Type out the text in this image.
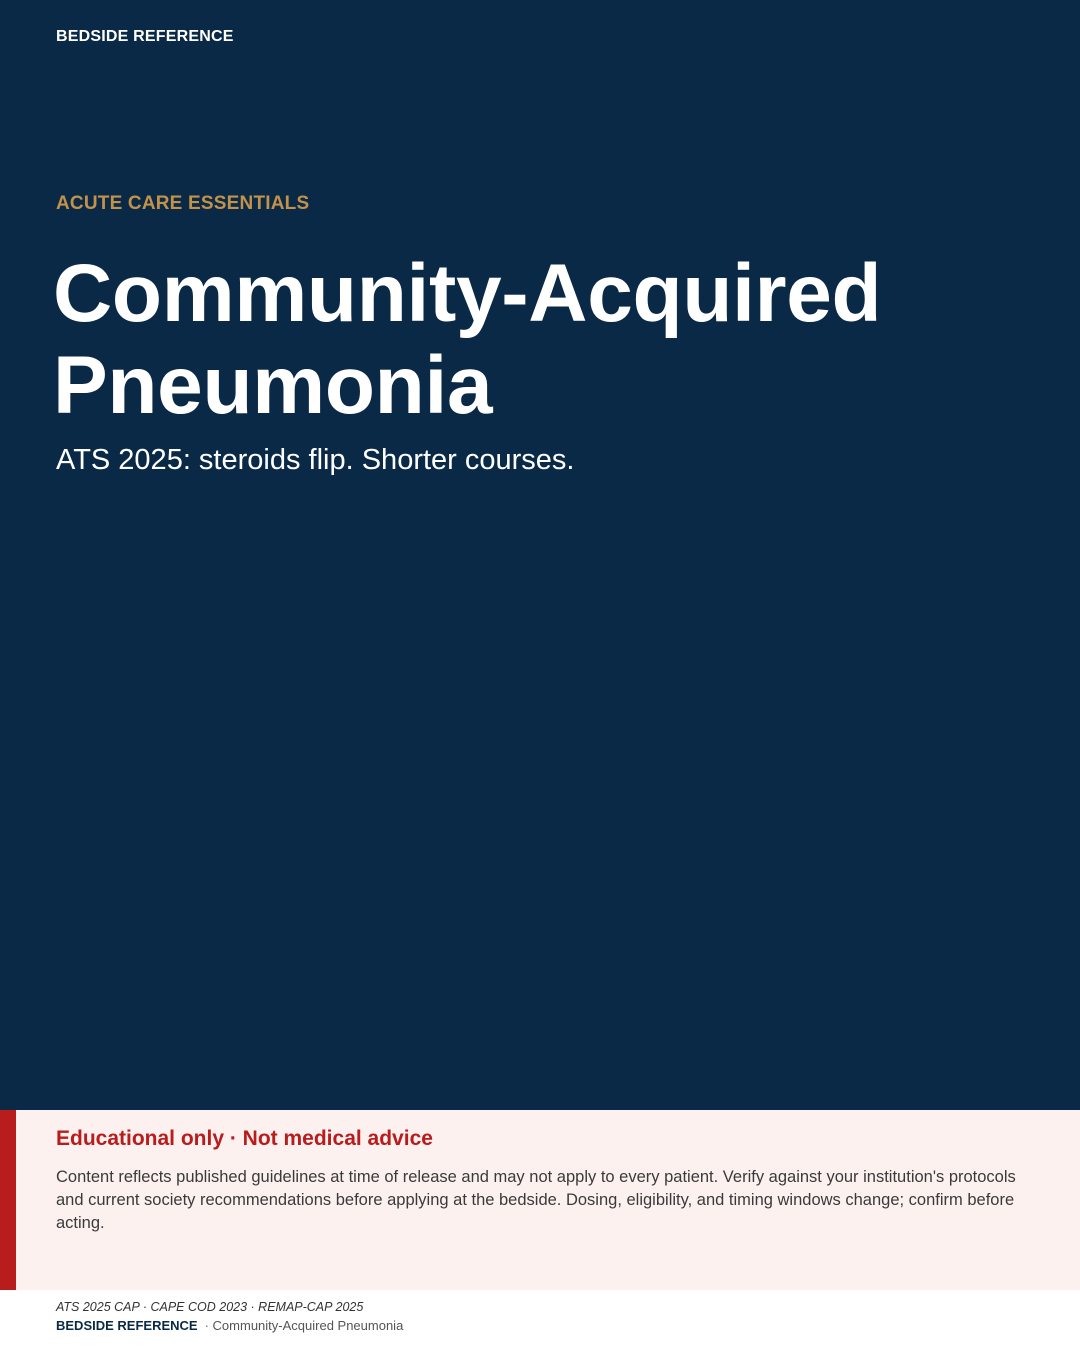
BEDSIDE REFERENCE
ACUTE CARE ESSENTIALS
Community-Acquired Pneumonia
ATS 2025: steroids flip. Shorter courses.
Educational only · Not medical advice
Content reflects published guidelines at time of release and may not apply to every patient. Verify against your institution's protocols and current society recommendations before applying at the bedside. Dosing, eligibility, and timing windows change; confirm before acting.
ATS 2025 CAP · CAPE COD 2023 · REMAP-CAP 2025
BEDSIDE REFERENCE · Community-Acquired Pneumonia
